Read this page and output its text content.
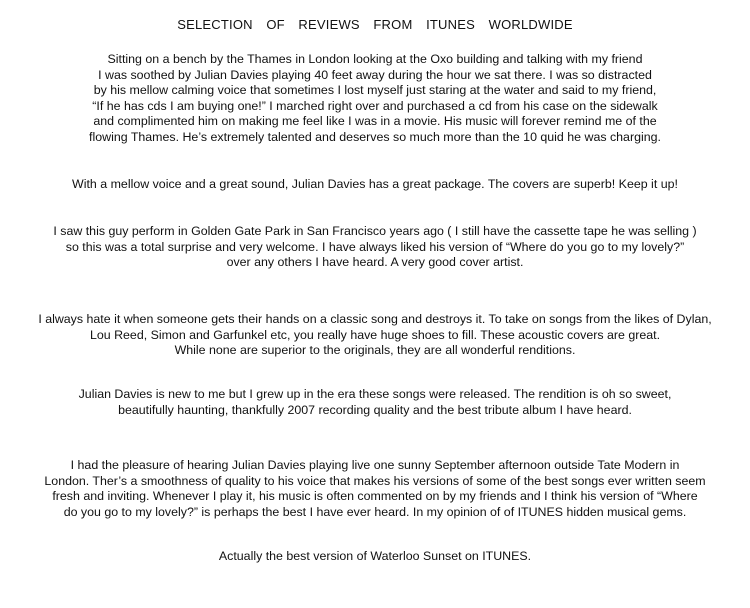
SELECTION  OF  REVIEWS  FROM  ITUNES  WORLDWIDE
Sitting on a bench by the Thames in London looking at the Oxo building and talking with my friend
I was soothed by Julian Davies playing 40 feet away during the hour we sat there. I was so distracted
by his mellow calming voice that sometimes I lost myself just staring at the water and said to my friend,
“If he has cds I am buying one!” I marched right over and purchased a cd from his case on the sidewalk
and complimented him on making me feel like I was in a movie. His music will forever remind me of the
flowing Thames. He’s extremely talented and deserves so much more than the 10 quid he was charging.
With a mellow voice and a great sound, Julian Davies has a great package. The covers are superb! Keep it up!
I saw this guy perform in Golden Gate Park in San Francisco years ago ( I still have the cassette tape he was selling )
so this was a total surprise and very welcome. I have always liked his version of “Where do you go to my lovely?”
over any others I have heard. A very good cover artist.
I always hate it when someone gets their hands on a classic song and destroys it. To take on songs from the likes of Dylan,
Lou Reed, Simon and Garfunkel etc, you really have huge shoes to fill. These acoustic covers are great.
While none are superior to the originals, they are all wonderful renditions.
Julian Davies is new to me but I grew up in the era these songs were released. The rendition is oh so sweet,
beautifully haunting, thankfully 2007 recording quality and the best tribute album I have heard.
I had the pleasure of hearing Julian Davies playing live one sunny September afternoon outside Tate Modern in
London. Ther’s a smoothness of quality to his voice that makes his versions of some of the best songs ever written seem
fresh and inviting. Whenever I play it, his music is often commented on by my friends and I think his version of “Where
do you go to my lovely?” is perhaps the best I have ever heard. In my opinion of of ITUNES hidden musical gems.
Actually the best version of Waterloo Sunset on ITUNES.
